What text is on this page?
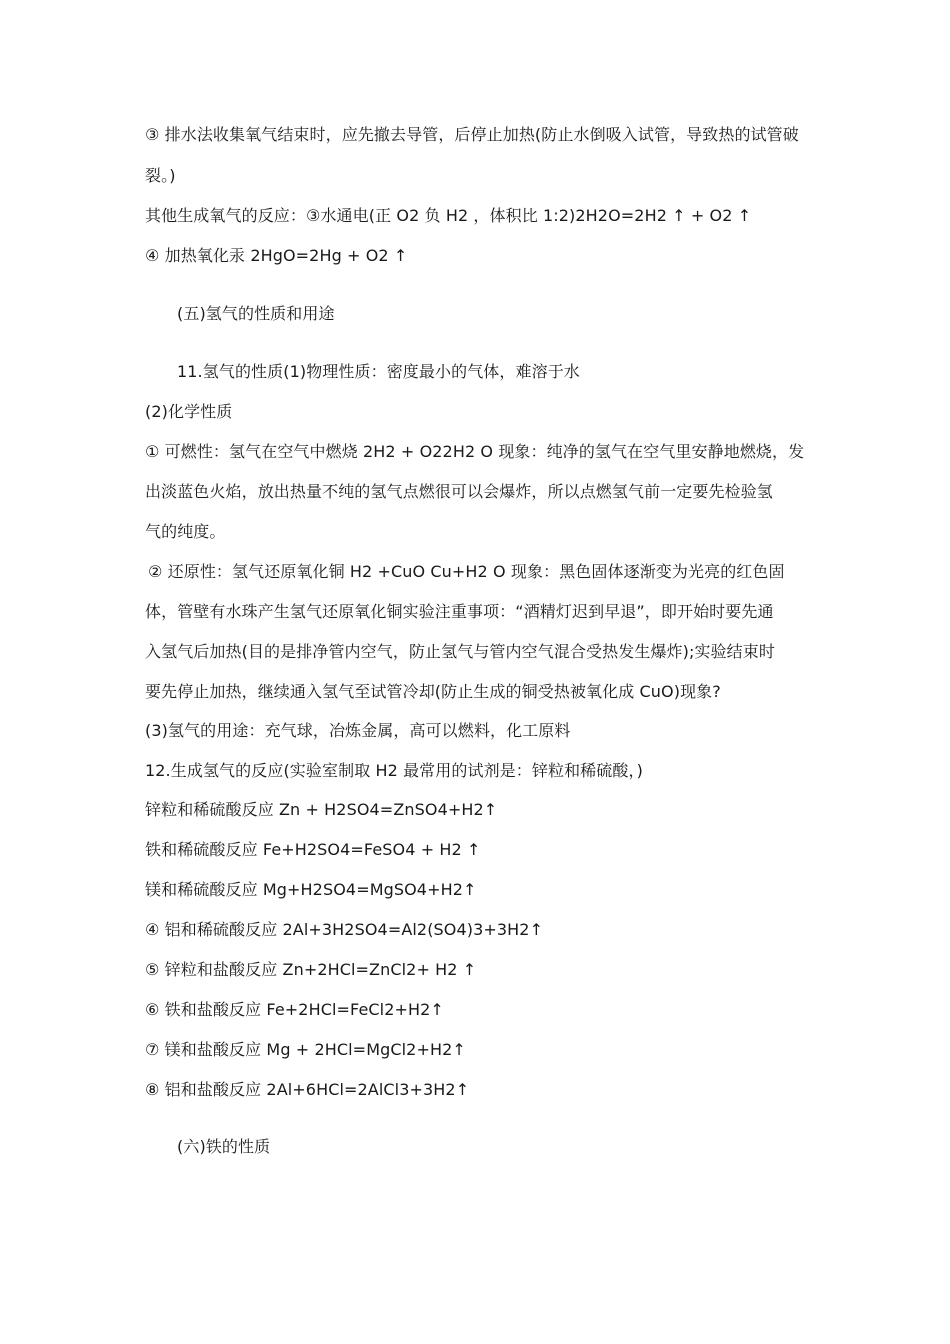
③ 排水法收集氧气结束时，应先撤去导管，后停止加热(防止水倒吸入试管，导致热的试管破
裂。)
其他生成氧气的反应：③水通电(正 O2 负 H2 ，体积比 1:2)2H2O=2H2 ↑ + O2 ↑
④ 加热氧化汞 2HgO=2Hg + O2 ↑
(五)氢气的性质和用途
11.氢气的性质(1)物理性质：密度最小的气体，难溶于水
(2)化学性质
① 可燃性：氢气在空气中燃烧 2H2 + O22H2 O 现象：纯净的氢气在空气里安静地燃烧，发
出淡蓝色火焰，放出热量不纯的氢气点燃很可以会爆炸，所以点燃氢气前一定要先检验氢
气的纯度。
② 还原性：氢气还原氧化铜 H2 +CuO Cu+H2 O 现象：黑色固体逐渐变为光亮的红色固
体，管壁有水珠产生氢气还原氧化铜实验注重事项：“酒精灯迟到早退”，即开始时要先通
入氢气后加热(目的是排净管内空气，防止氢气与管内空气混合受热发生爆炸);实验结束时
要先停止加热，继续通入氢气至试管冷却(防止生成的铜受热被氧化成 CuO)现象?
(3)氢气的用途：充气球，冶炼金属，高可以燃料，化工原料
12.生成氢气的反应(实验室制取 H2 最常用的试剂是：锌粒和稀硫酸，)
锌粒和稀硫酸反应 Zn + H2SO4=ZnSO4+H2↑
铁和稀硫酸反应 Fe+H2SO4=FeSO4 + H2 ↑
镁和稀硫酸反应 Mg+H2SO4=MgSO4+H2↑
④ 铝和稀硫酸反应 2Al+3H2SO4=Al2(SO4)3+3H2↑
⑤ 锌粒和盐酸反应 Zn+2HCl=ZnCl2+ H2 ↑
⑥ 铁和盐酸反应 Fe+2HCl=FeCl2+H2↑
⑦ 镁和盐酸反应 Mg + 2HCl=MgCl2+H2↑
⑧ 铝和盐酸反应 2Al+6HCl=2AlCl3+3H2↑
(六)铁的性质
